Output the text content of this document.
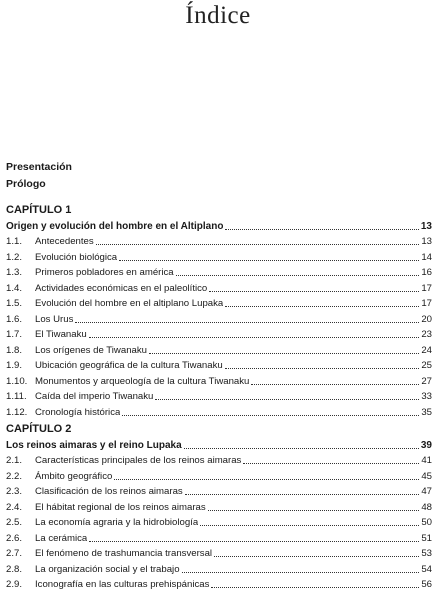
Índice
Presentación
Prólogo
CAPÍTULO 1
Origen y evolución del hombre en el Altiplano	13
1.1.	Antecedentes	13
1.2.	Evolución biológica	14
1.3.	Primeros pobladores en américa	16
1.4.	Actividades económicas en el paleolítico	17
1.5.	Evolución del hombre en el altiplano Lupaka	17
1.6.	Los Urus	20
1.7.	El Tiwanaku	23
1.8.	Los orígenes de Tiwanaku	24
1.9.	Ubicación geográfica de la cultura Tiwanaku	25
1.10. Monumentos y arqueología de la cultura Tiwanaku	27
1.11. Caída del imperio Tiwanaku	33
1.12. Cronología histórica	35
CAPÍTULO 2
Los reinos aimaras y el reino Lupaka	39
2.1.	Características principales de los reinos aimaras	41
2.2.	Ámbito geográfico	45
2.3.	Clasificación de los reinos aimaras	47
2.4.	El hábitat regional de los reinos aimaras	48
2.5.	La economía agraria y la hidrobiología	50
2.6.	La cerámica	51
2.7.	El fenómeno de trashumancia transversal	53
2.8.	La organización social y el trabajo	54
2.9.	Iconografía en las culturas prehispánicas	56
